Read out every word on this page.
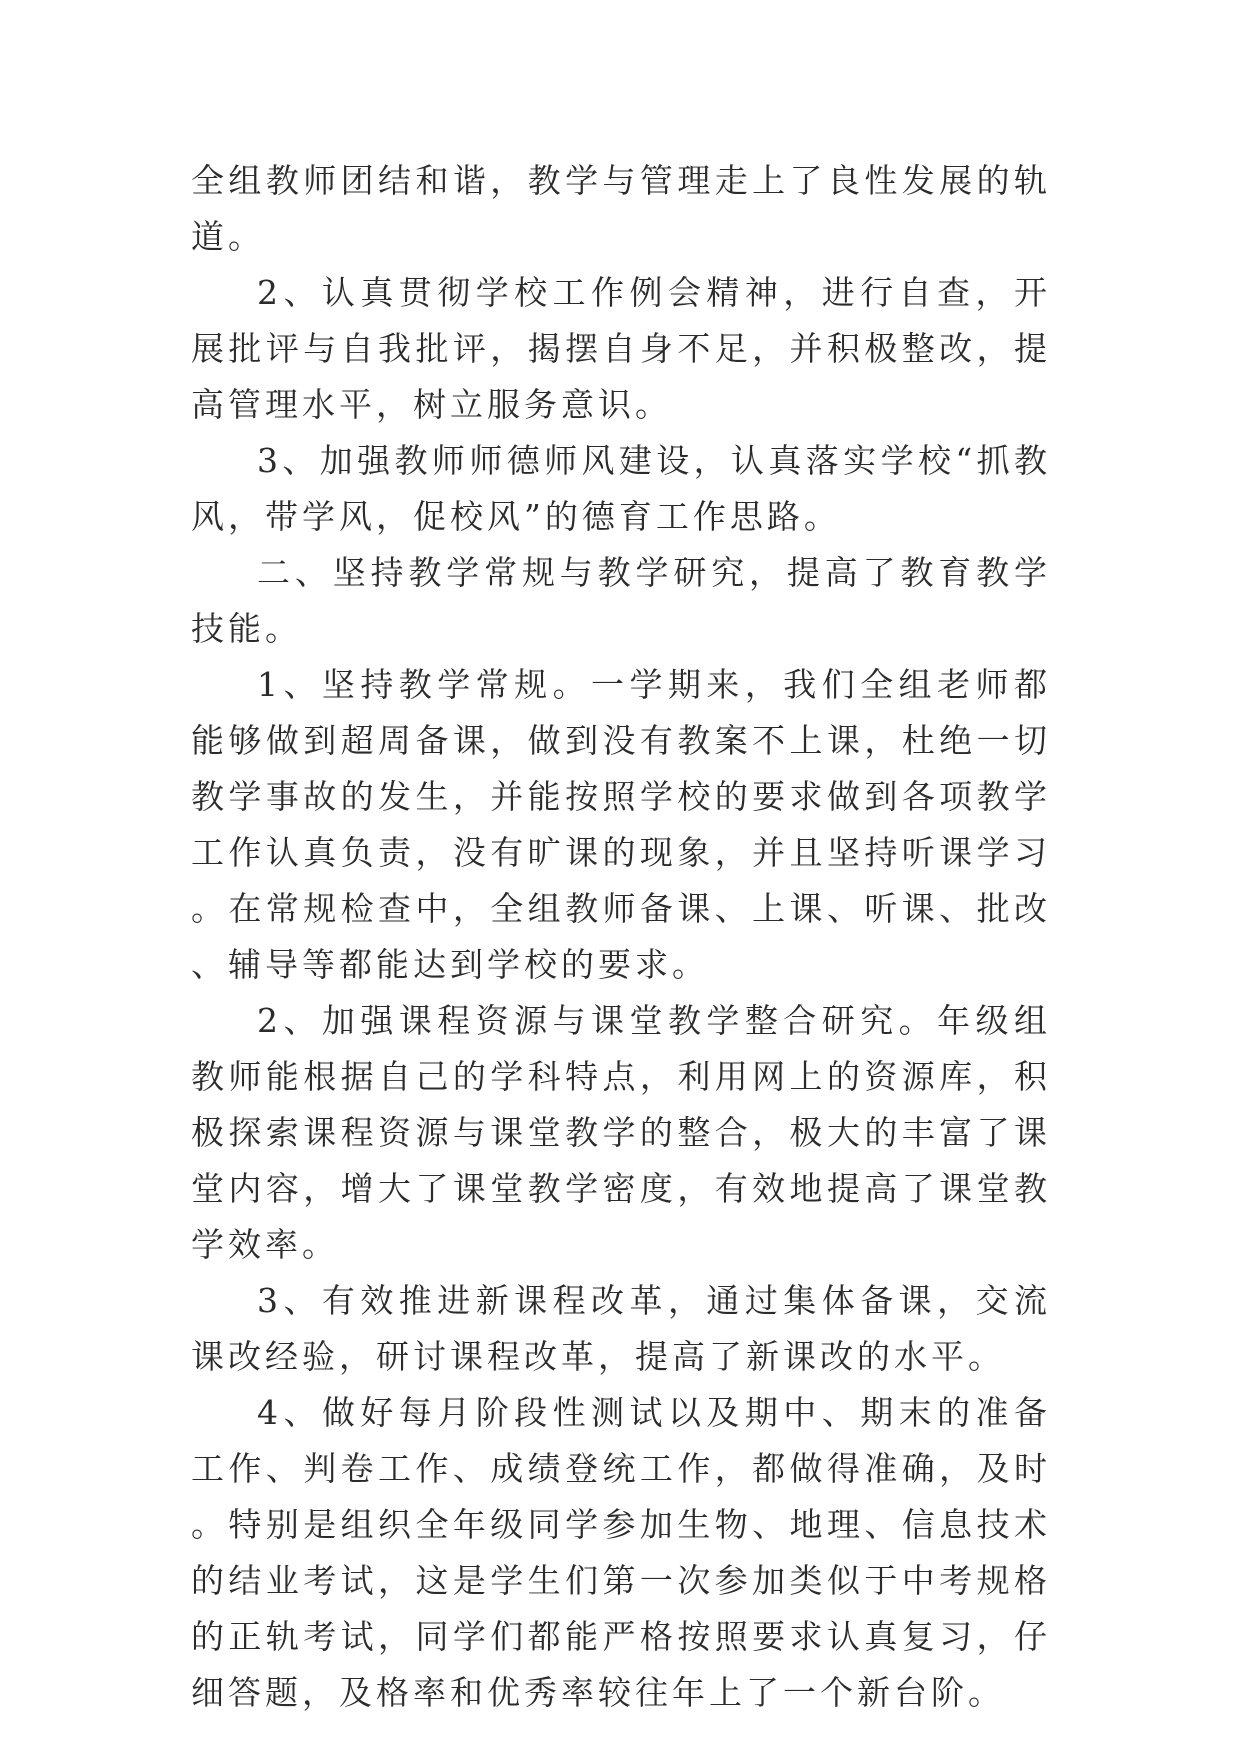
全组教师团结和谐，教学与管理走上了良性发展的轨道。

2、认真贯彻学校工作例会精神，进行自查，开展批评与自我批评，揭摆自身不足，并积极整改，提高管理水平，树立服务意识。

3、加强教师师德师风建设，认真落实学校“抓教风，带学风，促校风”的德育工作思路。

二、坚持教学常规与教学研究，提高了教育教学技能。

1、坚持教学常规。一学期来，我们全组老师都能够做到超周备课，做到没有教案不上课，杜绝一切教学事故的发生，并能按照学校的要求做到各项教学工作认真负责，没有旷课的现象，并且坚持听课学习。在常规检查中，全组教师备课、上课、听课、批改、辅导等都能达到学校的要求。

2、加强课程资源与课堂教学整合研究。年级组教师能根据自己的学科特点，利用网上的资源库，积极探索课程资源与课堂教学的整合，极大的丰富了课堂内容，增大了课堂教学密度，有效地提高了课堂教学效率。

3、有效推进新课程改革，通过集体备课，交流课改经验，研讨课程改革，提高了新课改的水平。

4、做好每月阶段性测试以及期中、期末的准备工作、判卷工作、成绩登统工作，都做得准确，及时。特别是组织全年级同学参加生物、地理、信息技术的结业考试，这是学生们第一次参加类似于中考规格的正轨考试，同学们都能严格按照要求认真复习，仔细答题，及格率和优秀率较往年上了一个新台阶。
